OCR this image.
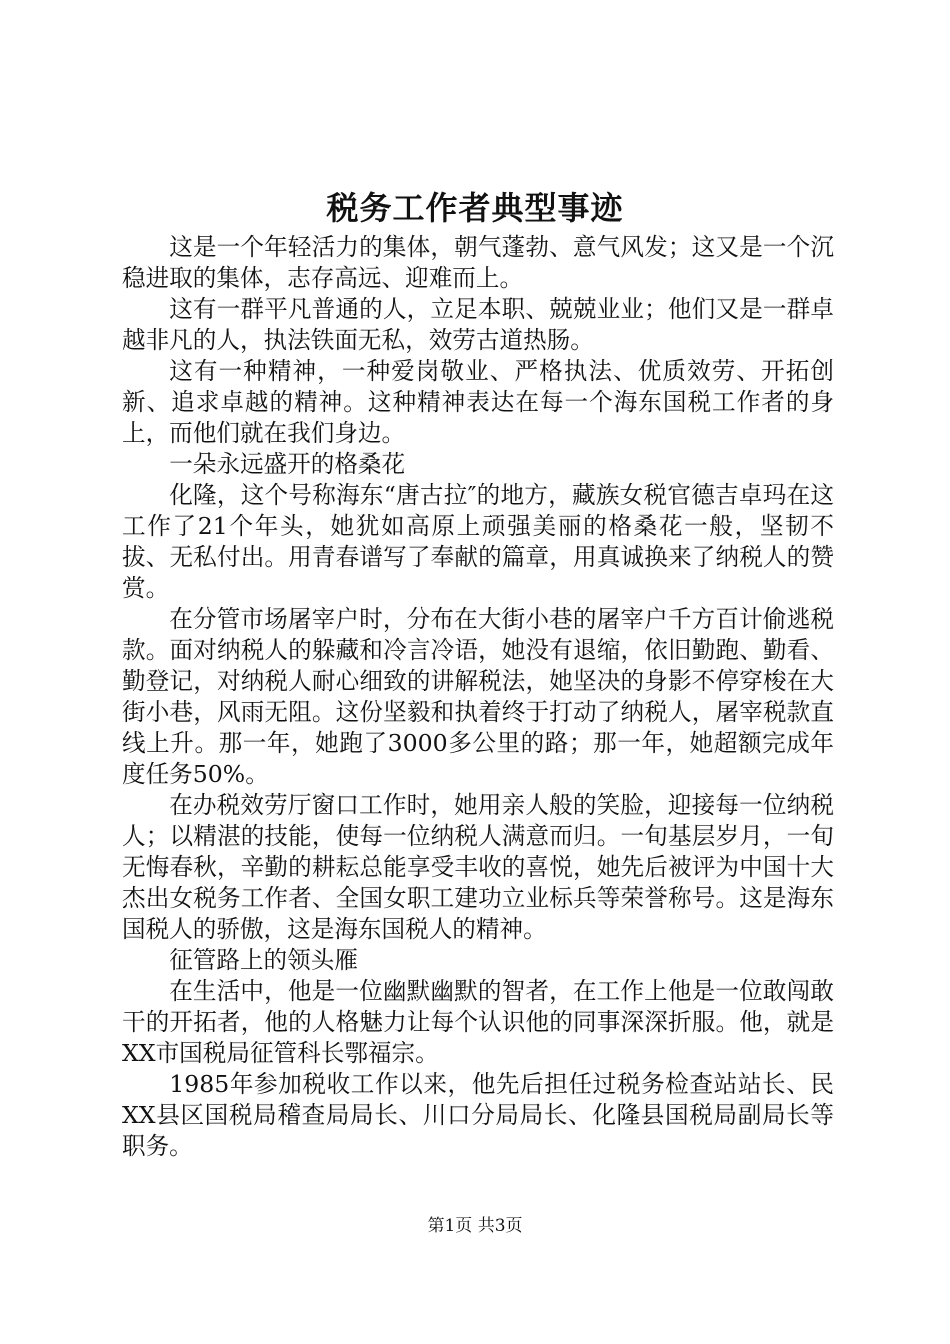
税务工作者典型事迹

这是一个年轻活力的集体，朝气蓬勃、意气风发；这又是一个沉稳进取的集体，志存高远、迎难而上。

这有一群平凡普通的人，立足本职、兢兢业业；他们又是一群卓越非凡的人，执法铁面无私，效劳古道热肠。

这有一种精神，一种爱岗敬业、严格执法、优质效劳、开拓创新、追求卓越的精神。这种精神表达在每一个海东国税工作者的身上，而他们就在我们身边。

一朵永远盛开的格桑花

化隆，这个号称海东“唐古拉″的地方，藏族女税官德吉卓玛在这工作了21个年头，她犹如高原上顽强美丽的格桑花一般，坚韧不拔、无私付出。用青春谱写了奉献的篇章，用真诚换来了纳税人的赞赏。

在分管市场屠宰户时，分布在大街小巷的屠宰户千方百计偷逃税款。面对纳税人的躲藏和冷言冷语，她没有退缩，依旧勤跑、勤看、勤登记，对纳税人耐心细致的讲解税法，她坚决的身影不停穿梭在大街小巷，风雨无阻。这份坚毅和执着终于打动了纳税人，屠宰税款直线上升。那一年，她跑了3000多公里的路；那一年，她超额完成年度任务50%。

在办税效劳厅窗口工作时，她用亲人般的笑脸，迎接每一位纳税人；以精湛的技能，使每一位纳税人满意而归。一旬基层岁月，一旬无悔春秋，辛勤的耕耘总能享受丰收的喜悦，她先后被评为中国十大杰出女税务工作者、全国女职工建功立业标兵等荣誉称号。这是海东国税人的骄傲，这是海东国税人的精神。

征管路上的领头雁

在生活中，他是一位幽默幽默的智者，在工作上他是一位敢闯敢干的开拓者，他的人格魅力让每个认识他的同事深深折服。他，就是XX市国税局征管科长鄂福宗。

1985年参加税收工作以来，他先后担任过税务检查站站长、民XX县区国税局稽查局局长、川口分局局长、化隆县国税局副局长等职务。

第1页 共3页
